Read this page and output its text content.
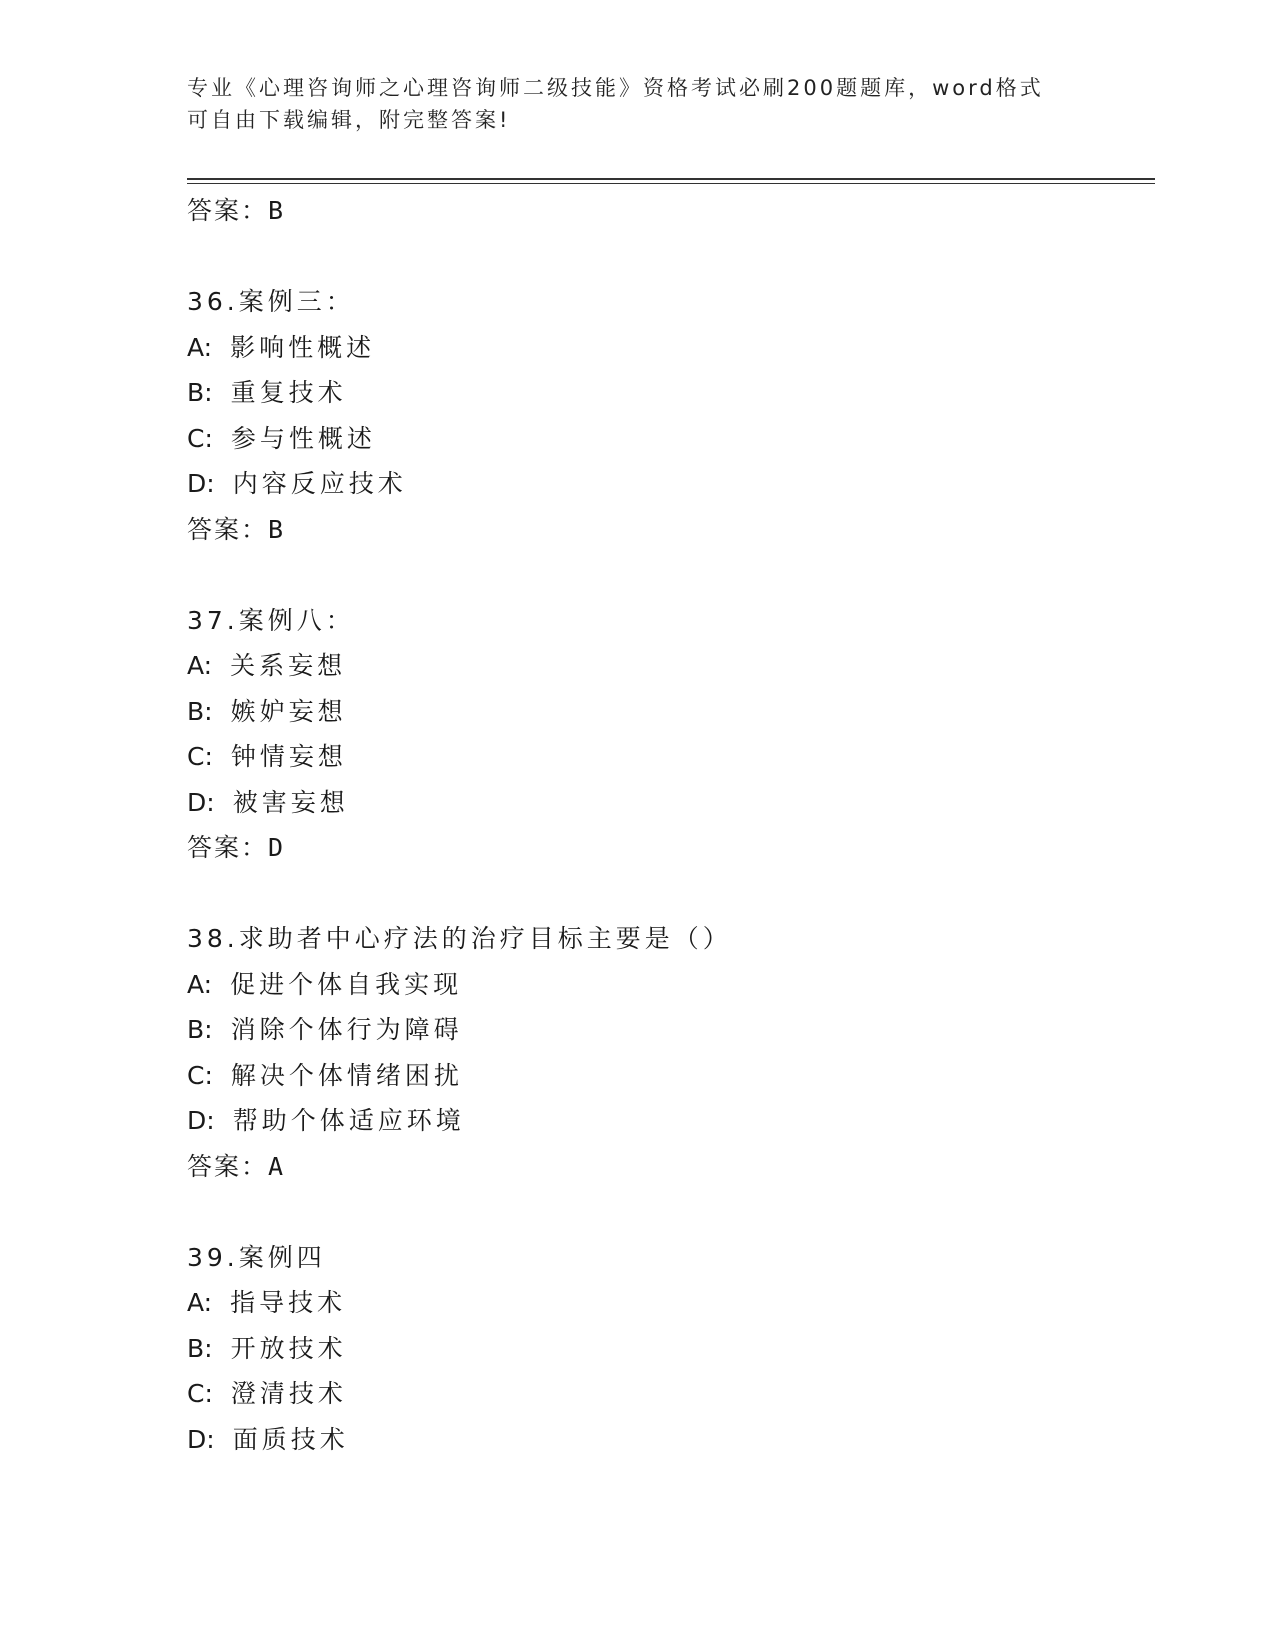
专业《心理咨询师之心理咨询师二级技能》资格考试必刷200题题库，word格式
可自由下载编辑，附完整答案!
答案：B
36.案例三：
A: 影响性概述
B: 重复技术
C: 参与性概述
D: 内容反应技术
答案：B
37.案例八：
A: 关系妄想
B: 嫉妒妄想
C: 钟情妄想
D: 被害妄想
答案：D
38.求助者中心疗法的治疗目标主要是（）
A: 促进个体自我实现
B: 消除个体行为障碍
C: 解决个体情绪困扰
D: 帮助个体适应环境
答案：A
39.案例四
A: 指导技术
B: 开放技术
C: 澄清技术
D: 面质技术
